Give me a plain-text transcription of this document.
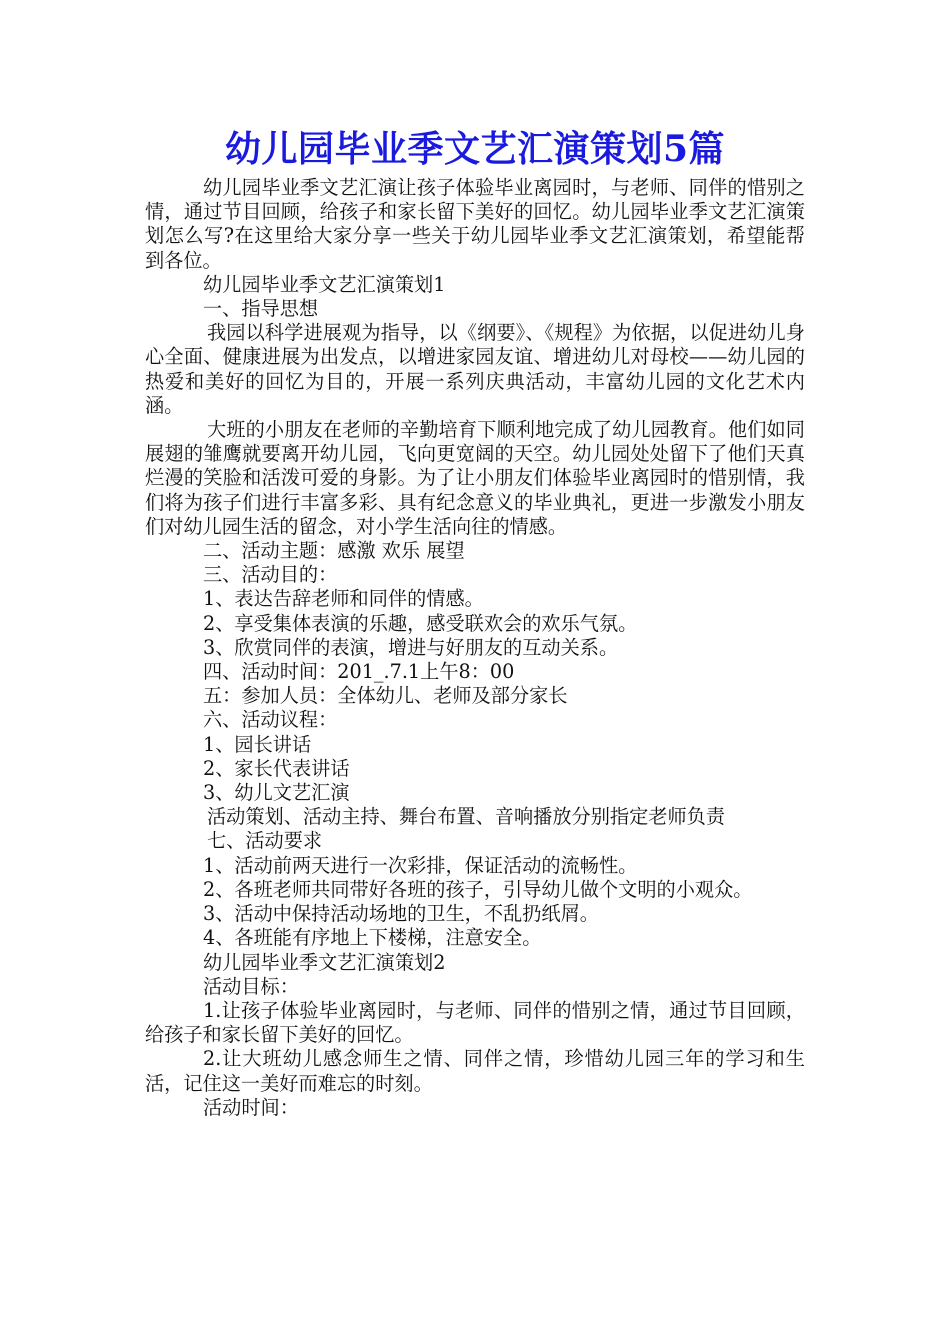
幼儿园毕业季文艺汇演策划5篇

幼儿园毕业季文艺汇演让孩子体验毕业离园时，与老师、同伴的惜别之情，通过节目回顾，给孩子和家长留下美好的回忆。幼儿园毕业季文艺汇演策划怎么写?在这里给大家分享一些关于幼儿园毕业季文艺汇演策划，希望能帮到各位。

幼儿园毕业季文艺汇演策划1

一、指导思想

我园以科学进展观为指导，以《纲要》、《规程》为依据，以促进幼儿身心全面、健康进展为出发点，以增进家园友谊、增进幼儿对母校——幼儿园的热爱和美好的回忆为目的，开展一系列庆典活动，丰富幼儿园的文化艺术内涵。

大班的小朋友在老师的辛勤培育下顺利地完成了幼儿园教育。他们如同展翅的雏鹰就要离开幼儿园，飞向更宽阔的天空。幼儿园处处留下了他们天真烂漫的笑脸和活泼可爱的身影。为了让小朋友们体验毕业离园时的惜别情，我们将为孩子们进行丰富多彩、具有纪念意义的毕业典礼，更进一步激发小朋友们对幼儿园生活的留念，对小学生活向往的情感。

二、活动主题：感激 欢乐 展望

三、活动目的：

1、表达告辞老师和同伴的情感。

2、享受集体表演的乐趣，感受联欢会的欢乐气氛。

3、欣赏同伴的表演，增进与好朋友的互动关系。

四、活动时间：201_.7.1上午8：00

五：参加人员：全体幼儿、老师及部分家长

六、活动议程：

1、园长讲话

2、家长代表讲话

3、幼儿文艺汇演

活动策划、活动主持、舞台布置、音响播放分别指定老师负责

七、活动要求

1、活动前两天进行一次彩排，保证活动的流畅性。

2、各班老师共同带好各班的孩子，引导幼儿做个文明的小观众。

3、活动中保持活动场地的卫生，不乱扔纸屑。

4、各班能有序地上下楼梯，注意安全。

幼儿园毕业季文艺汇演策划2

活动目标：

1.让孩子体验毕业离园时，与老师、同伴的惜别之情，通过节目回顾，给孩子和家长留下美好的回忆。

2.让大班幼儿感念师生之情、同伴之情，珍惜幼儿园三年的学习和生活，记住这一美好而难忘的时刻。

活动时间：
